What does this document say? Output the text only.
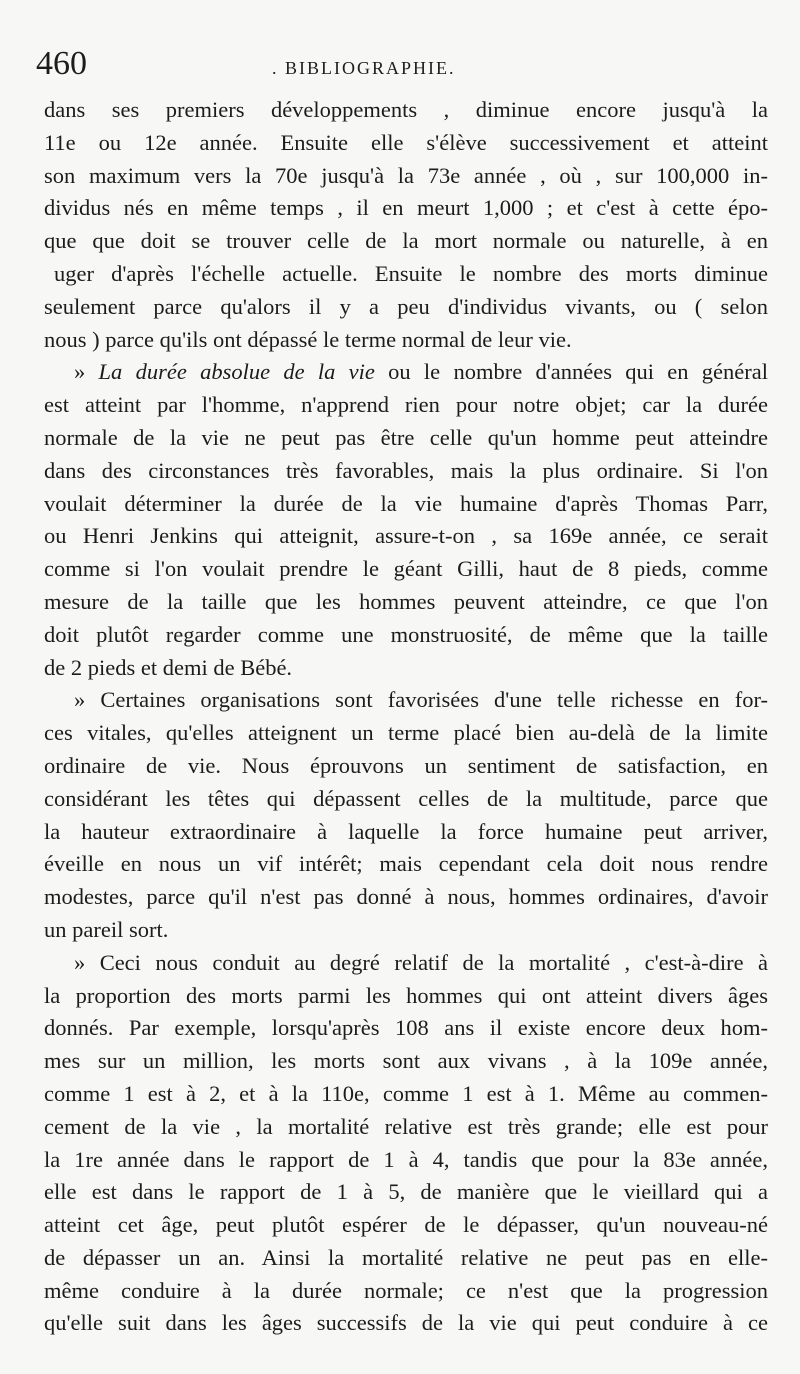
460	. BIBLIOGRAPHIE.
dans ses premiers développements , diminue encore jusqu'à la
11e ou 12e année. Ensuite elle s'élève successivement et atteint
son maximum vers la 70e jusqu'à la 73e année , où , sur 100,000 in-
dividus nés en même temps , il en meurt 1,000 ; et c'est à cette épo-
que que doit se trouver celle de la mort normale ou naturelle, à en
uger d'après l'échelle actuelle. Ensuite le nombre des morts diminue
seulement parce qu'alors il y a peu d'individus vivants, ou ( selon
nous ) parce qu'ils ont dépassé le terme normal de leur vie.
» La durée absolue de la vie ou le nombre d'années qui en général
est atteint par l'homme, n'apprend rien pour notre objet; car la durée
normale de la vie ne peut pas être celle qu'un homme peut atteindre
dans des circonstances très favorables, mais la plus ordinaire. Si l'on
voulait déterminer la durée de la vie humaine d'après Thomas Parr,
ou Henri Jenkins qui atteignit, assure-t-on , sa 169e année, ce serait
comme si l'on voulait prendre le géant Gilli, haut de 8 pieds, comme
mesure de la taille que les hommes peuvent atteindre, ce que l'on
doit plutôt regarder comme une monstruosité, de même que la taille
de 2 pieds et demi de Bébé.
» Certaines organisations sont favorisées d'une telle richesse en for-
ces vitales, qu'elles atteignent un terme placé bien au-delà de la limite
ordinaire de vie. Nous éprouvons un sentiment de satisfaction, en
considérant les têtes qui dépassent celles de la multitude, parce que
la hauteur extraordinaire à laquelle la force humaine peut arriver,
éveille en nous un vif intérêt; mais cependant cela doit nous rendre
modestes, parce qu'il n'est pas donné à nous, hommes ordinaires, d'avoir
un pareil sort.
» Ceci nous conduit au degré relatif de la mortalité , c'est-à-dire à
la proportion des morts parmi les hommes qui ont atteint divers âges
donnés. Par exemple, lorsqu'après 108 ans il existe encore deux hom-
mes sur un million, les morts sont aux vivans , à la 109e année,
comme 1 est à 2, et à la 110e, comme 1 est à 1. Même au commen-
cement de la vie , la mortalité relative est très grande; elle est pour
la 1re année dans le rapport de 1 à 4, tandis que pour la 83e année,
elle est dans le rapport de 1 à 5, de manière que le vieillard qui a
atteint cet âge, peut plutôt espérer de le dépasser, qu'un nouveau-né
de dépasser un an. Ainsi la mortalité relative ne peut pas en elle-
même conduire à la durée normale; ce n'est que la progression
qu'elle suit dans les âges successifs de la vie qui peut conduire à ce
